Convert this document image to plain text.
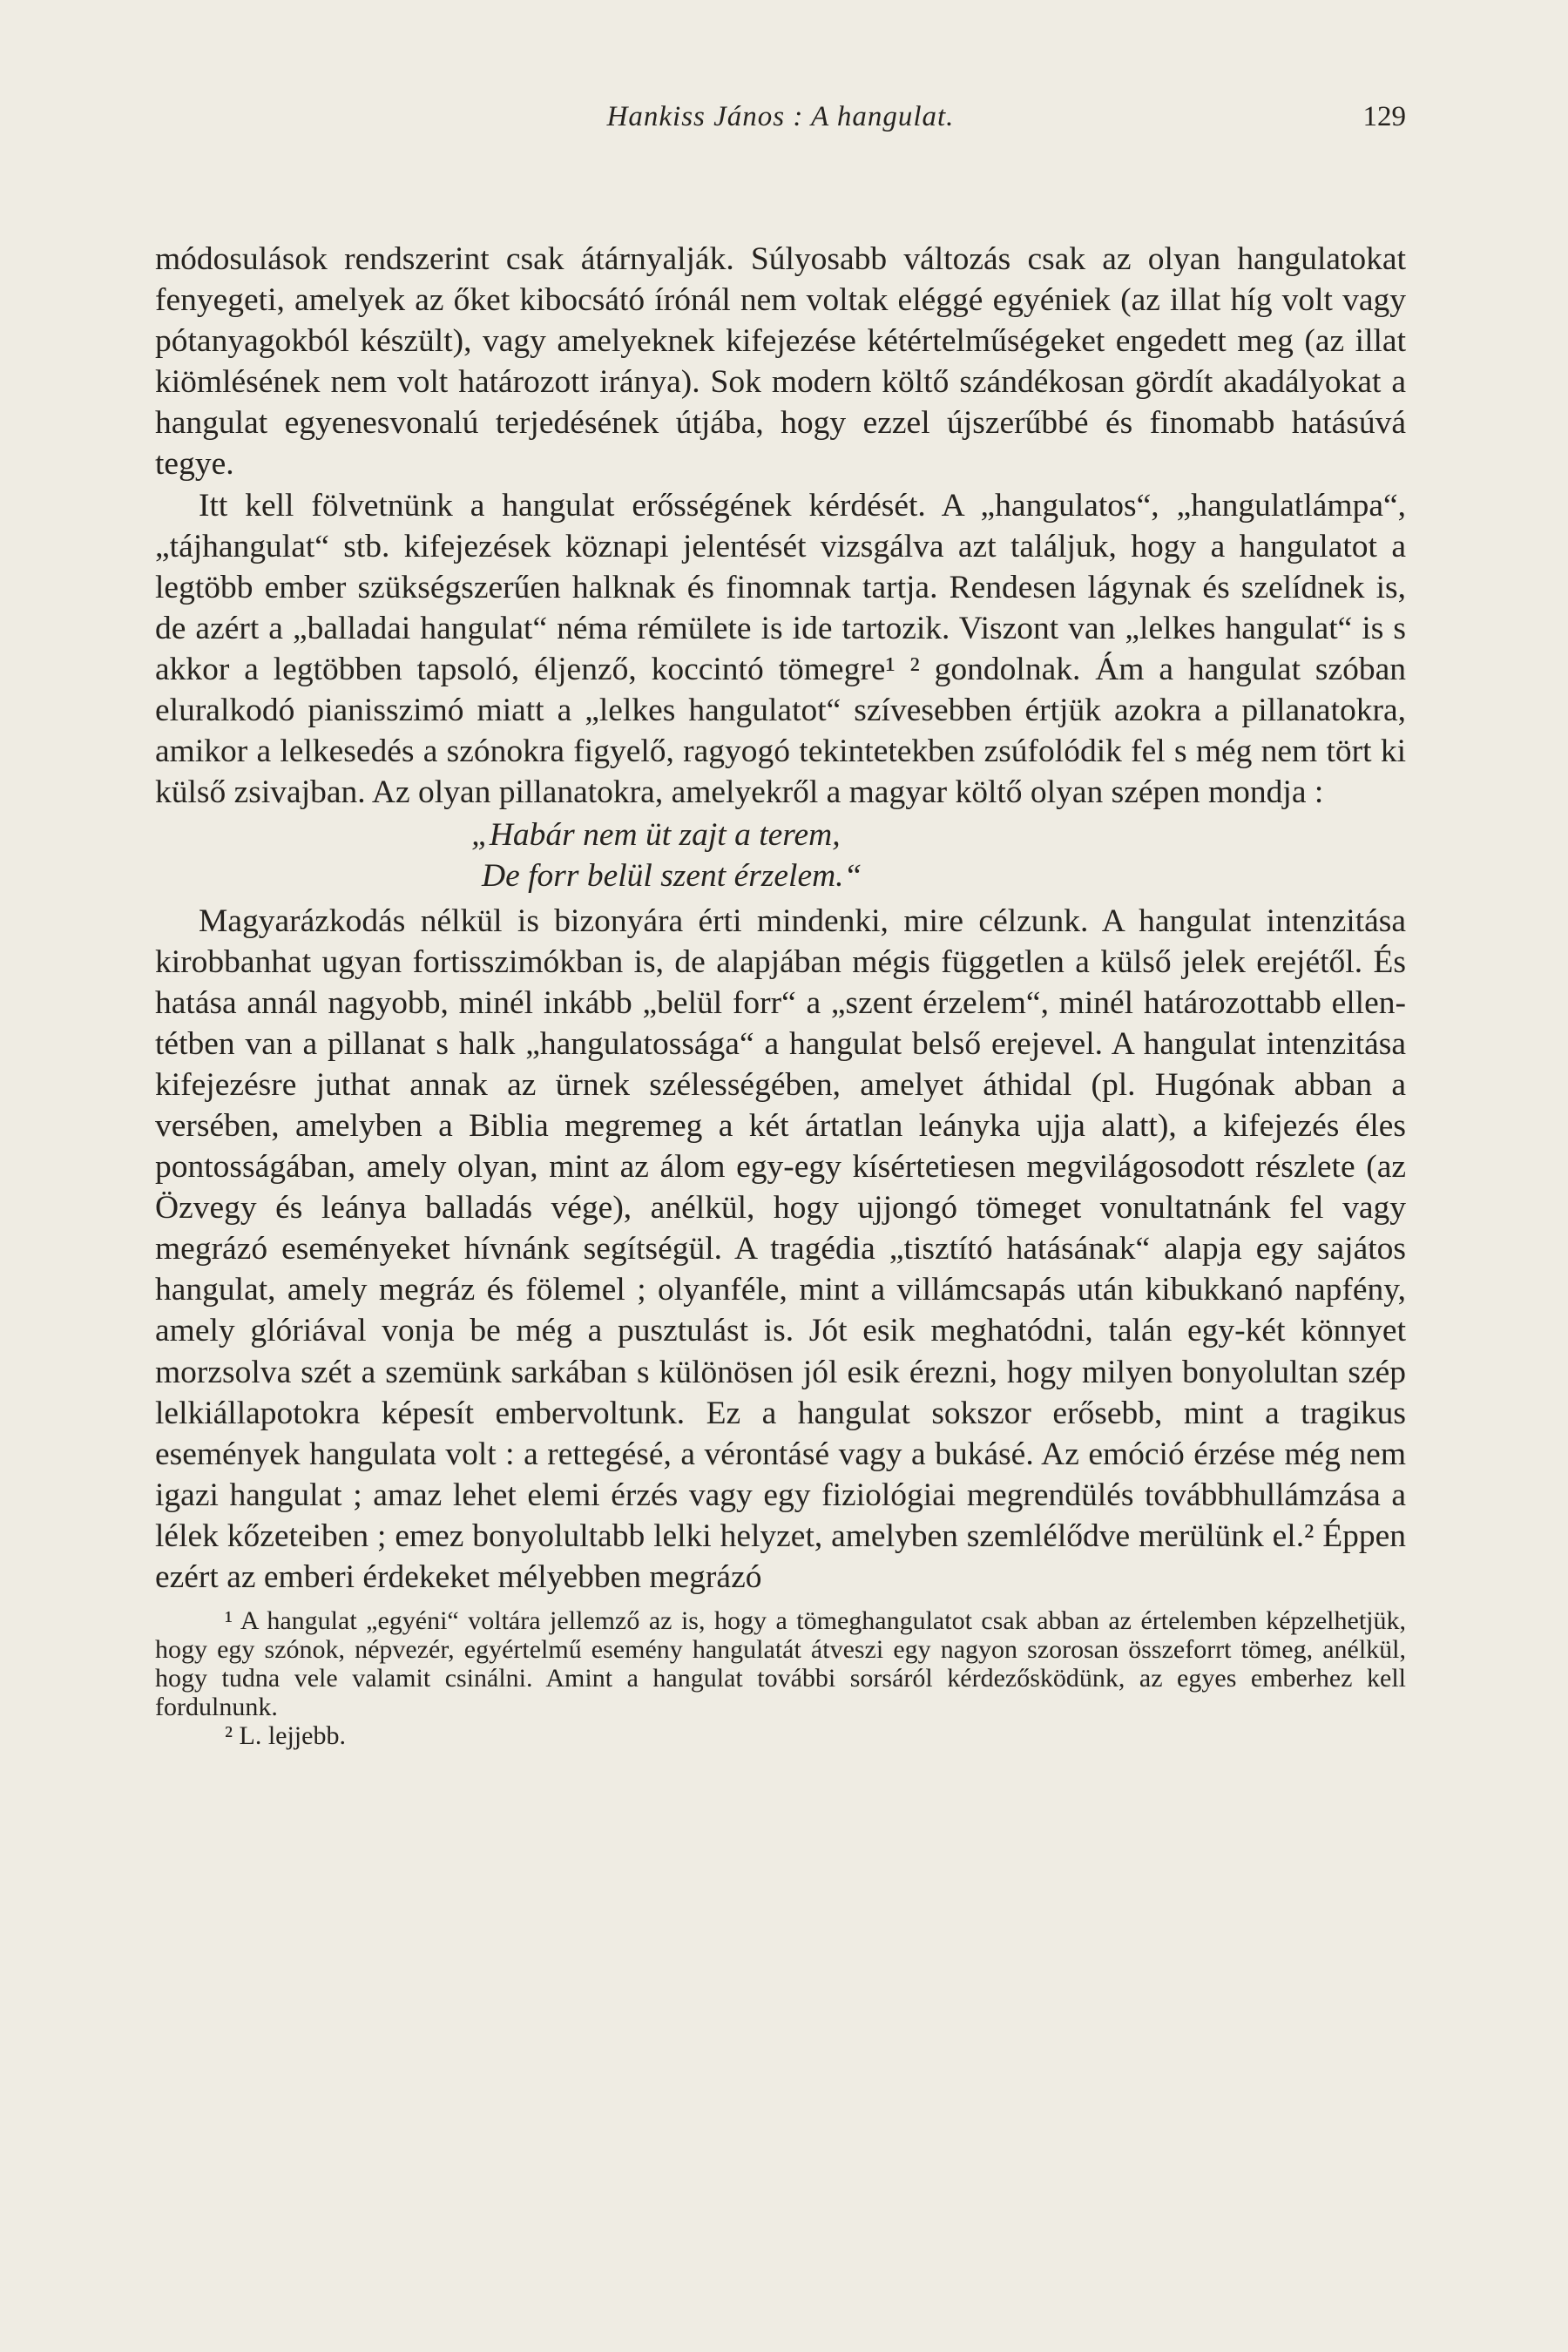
Hankiss János : A hangulat.	129

módosulások rendszerint csak átárnyalják. Súlyosabb változás csak az olyan hangulatokat fenyegeti, amelyek az őket kibocsátó írónál nem voltak eléggé egyéniek (az illat híg volt vagy pótanyagokból készült), vagy amelyeknek kifejezése kétértelműségeket engedett meg (az illat kiömlésének nem volt határozott iránya). Sok modern költő szándékosan gördít akadályokat a hangulat egyenesvonalú terjedésének útjába, hogy ezzel újszerűbbé és finomabb hatásúvá tegye.

Itt kell fölvetnünk a hangulat erősségének kérdését. A „hangulatos“, „hangulatlámpa“, „tájhangulat“ stb. kifejezések köznapi jelentését vizsgálva azt találjuk, hogy a hangulatot a legtöbb ember szükségszerűen halknak és finomnak tartja. Rendesen lágynak és szelídnek is, de azért a „balladai hangulat“ néma rémülete is ide tartozik. Viszont van „lelkes hangulat“ is s akkor a legtöbben tapsoló, éljenző, koccintó tömegre¹ ² gondolnak. Ám a hangulat szóban eluralkodó pianisszimó miatt a „lelkes hangulatot“ szívesebben értjük azokra a pillanatokra, amikor a lelkesedés a szónokra figyelő, ragyogó tekintetekben zsúfolódik fel s még nem tört ki külső zsivajban. Az olyan pillanatokra, amelyekről a magyar költő olyan szépen mondja :

„Habár nem üt zajt a terem,
De forr belül szent érzelem.“

Magyarázkodás nélkül is bizonyára érti mindenki, mire célzunk. A hangulat intenzitása kirobbanhat ugyan fortisszimókban is, de alapjában mégis független a külső jelek erejétől. És hatása annál nagyobb, minél inkább „belül forr“ a „szent érzelem“, minél határozottabb ellentétben van a pillanat s halk „hangulatossága“ a hangulat belső erejevel. A hangulat intenzitása kifejezésre juthat annak az ürnek szélességében, amelyet áthidal (pl. Hugónak abban a versében, amelyben a Biblia megremeg a két ártatlan leányka ujja alatt), a kifejezés éles pontosságában, amely olyan, mint az álom egy-egy kísértetiesen megvilágosodott részlete (az Özvegy és leánya balladás vége), anélkül, hogy ujjongó tömeget vonultatnánk fel vagy megrázó eseményeket hívnánk segítségül. A tragédia „tisztító hatásának“ alapja egy sajátos hangulat, amely megráz és fölemel ; olyanféle, mint a villámcsapás után kibukkanó napfény, amely glóriával vonja be még a pusztulást is. Jót esik meghatódni, talán egy-két könnyet morzsolva szét a szemünk sarkában s különösen jól esik érezni, hogy milyen bonyolultan szép lelkiállapotokra képesít embervoltunk. Ez a hangulat sokszor erősebb, mint a tragikus események hangulata volt : a rettegésé, a vérontásé vagy a bukásé. Az emóció érzése még nem igazi hangulat ; amaz lehet elemi érzés vagy egy fiziológiai megrendülés továbbhullámzása a lélek kőzeteiben ; emez bonyolultabb lelki helyzet, amelyben szemlélődve merülünk el.² Éppen ezért az emberi érdekeket mélyebben megrázó

¹ A hangulat „egyéni“ voltára jellemző az is, hogy a tömeghangulatot csak abban az értelemben képzelhetjük, hogy egy szónok, népvezér, egyértelmű esemény hangulatát átveszi egy nagyon szorosan összeforrt tömeg, anélkül, hogy tudna vele valamit csinálni. Amint a hangulat további sorsáról kérdezősködünk, az egyes emberhez kell fordulnunk.

² L. lejjebb.
